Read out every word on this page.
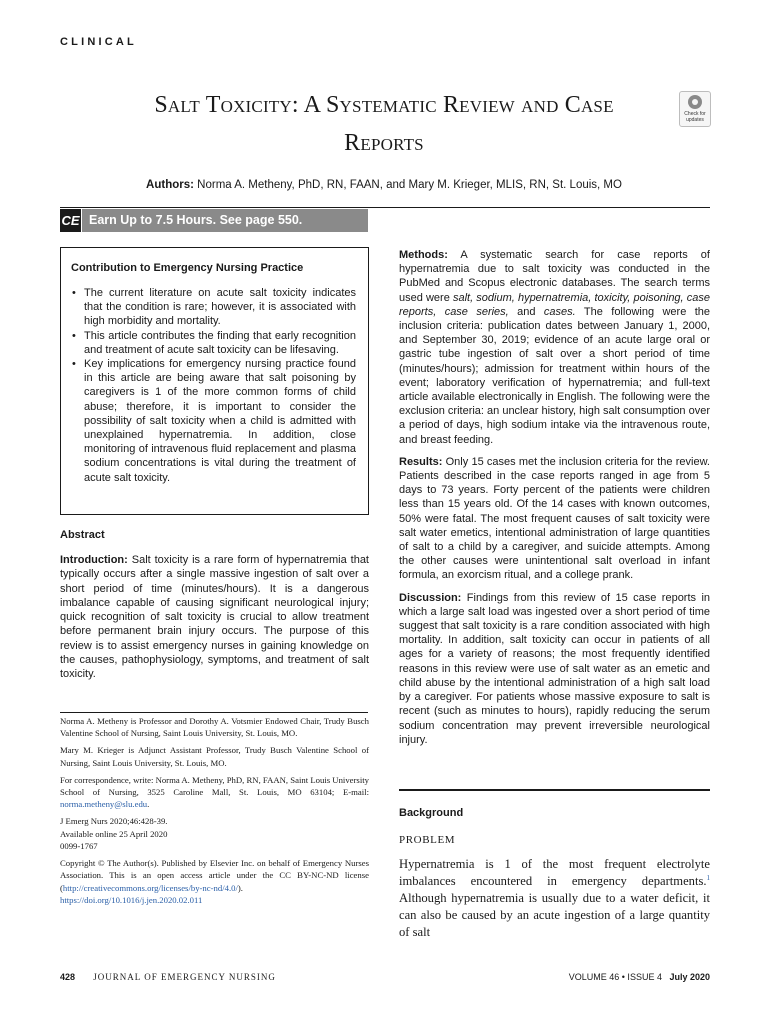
CLINICAL
Salt Toxicity: A Systematic Review and Case
Reports
Check for updates
Authors: Norma A. Metheny, PhD, RN, FAAN, and Mary M. Krieger, MLIS, RN, St. Louis, MO
CE Earn Up to 7.5 Hours. See page 550.
Contribution to Emergency Nursing Practice
• The current literature on acute salt toxicity indicates that the condition is rare; however, it is associated with high morbidity and mortality.
• This article contributes the finding that early recognition and treatment of acute salt toxicity can be lifesaving.
• Key implications for emergency nursing practice found in this article are being aware that salt poisoning by caregivers is 1 of the more common forms of child abuse; therefore, it is important to consider the possibility of salt toxicity when a child is admitted with unexplained hypernatremia. In addition, close monitoring of intravenous fluid replacement and plasma sodium concentrations is vital during the treatment of acute salt toxicity.
Abstract
Introduction: Salt toxicity is a rare form of hypernatremia that typically occurs after a single massive ingestion of salt over a short period of time (minutes/hours). It is a dangerous imbalance capable of causing significant neurological injury; quick recognition of salt toxicity is crucial to allow treatment before permanent brain injury occurs. The purpose of this review is to assist emergency nurses in gaining knowledge on the causes, pathophysiology, symptoms, and treatment of salt toxicity.

Norma A. Metheny is Professor and Dorothy A. Votsmier Endowed Chair, Trudy Busch Valentine School of Nursing, Saint Louis University, St. Louis, MO.

Mary M. Krieger is Adjunct Assistant Professor, Trudy Busch Valentine School of Nursing, Saint Louis University, St. Louis, MO.

For correspondence, write: Norma A. Metheny, PhD, RN, FAAN, Saint Louis University School of Nursing, 3525 Caroline Mall, St. Louis, MO 63104; E-mail: norma.metheny@slu.edu.

J Emerg Nurs 2020;46:428-39.

Available online 25 April 2020

0099-1767

Copyright © The Author(s). Published by Elsevier Inc. on behalf of Emergency Nurses Association. This is an open access article under the CC BY-NC-ND license (http://creativecommons.org/licenses/by-nc-nd/4.0/). https://doi.org/10.1016/j.jen.2020.02.011

Methods: A systematic search for case reports of hypernatremia due to salt toxicity was conducted in the PubMed and Scopus electronic databases. The search terms used were salt, sodium, hypernatremia, toxicity, poisoning, case reports, case series, and cases. The following were the inclusion criteria: publication dates between January 1, 2000, and September 30, 2019; evidence of an acute large oral or gastric tube ingestion of salt over a short period of time (minutes/hours); admission for treatment within hours of the event; laboratory verification of hypernatremia; and full-text article available electronically in English. The following were the exclusion criteria: an unclear history, high salt consumption over a period of days, high sodium intake via the intravenous route, and breast feeding.

Results: Only 15 cases met the inclusion criteria for the review. Patients described in the case reports ranged in age from 5 days to 73 years. Forty percent of the patients were children less than 15 years old. Of the 14 cases with known outcomes, 50% were fatal. The most frequent causes of salt toxicity were salt water emetics, intentional administration of large quantities of salt to a child by a caregiver, and suicide attempts. Among the other causes were unintentional salt overload in infant formula, an exorcism ritual, and a college prank.

Discussion: Findings from this review of 15 case reports in which a large salt load was ingested over a short period of time suggest that salt toxicity is a rare condition associated with high mortality. In addition, salt toxicity can occur in patients of all ages for a variety of reasons; the most frequently identified reasons in this review were use of salt water as an emetic and child abuse by the intentional administration of a high salt load by a caregiver. For patients whose massive exposure to salt is recent (such as minutes to hours), rapidly reducing the serum sodium concentration may prevent irreversible neurological injury.

Background
PROBLEM
Hypernatremia is 1 of the most frequent electrolyte imbalances encountered in emergency departments.$^1$ Although hypernatremia is usually due to a water deficit, it can also be caused by an acute ingestion of a large quantity of salt
428 JOURNAL OF EMERGENCY NURSING	VOLUME 46 • ISSUE 4 July 2020
